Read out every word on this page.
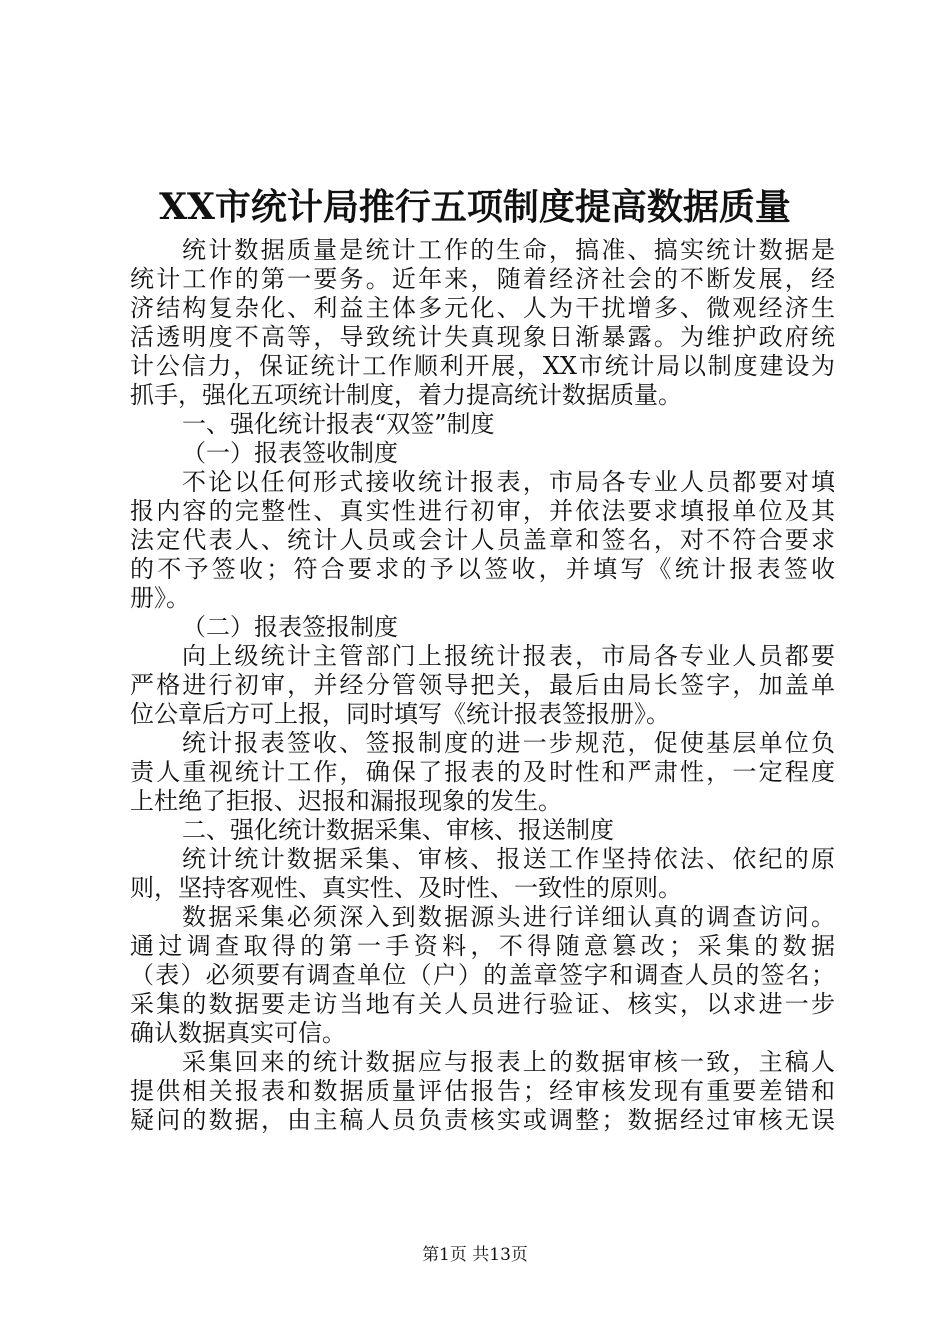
XX市统计局推行五项制度提高数据质量
统计数据质量是统计工作的生命，搞准、搞实统计数据是
统计工作的第一要务。近年来，随着经济社会的不断发展，经
济结构复杂化、利益主体多元化、人为干扰增多、微观经济生
活透明度不高等，导致统计失真现象日渐暴露。为维护政府统
计公信力，保证统计工作顺利开展，XX市统计局以制度建设为
抓手，强化五项统计制度，着力提高统计数据质量。
一、强化统计报表“双签”制度
（一）报表签收制度
不论以任何形式接收统计报表，市局各专业人员都要对填
报内容的完整性、真实性进行初审，并依法要求填报单位及其
法定代表人、统计人员或会计人员盖章和签名，对不符合要求
的不予签收；符合要求的予以签收，并填写《统计报表签收
册》。
（二）报表签报制度
向上级统计主管部门上报统计报表，市局各专业人员都要
严格进行初审，并经分管领导把关，最后由局长签字，加盖单
位公章后方可上报，同时填写《统计报表签报册》。
统计报表签收、签报制度的进一步规范，促使基层单位负
责人重视统计工作，确保了报表的及时性和严肃性，一定程度
上杜绝了拒报、迟报和漏报现象的发生。
二、强化统计数据采集、审核、报送制度
统计统计数据采集、审核、报送工作坚持依法、依纪的原
则，坚持客观性、真实性、及时性、一致性的原则。
数据采集必须深入到数据源头进行详细认真的调查访问。
通过调查取得的第一手资料，不得随意篡改；采集的数据
（表）必须要有调查单位（户）的盖章签字和调查人员的签名；
采集的数据要走访当地有关人员进行验证、核实，以求进一步
确认数据真实可信。
采集回来的统计数据应与报表上的数据审核一致，主稿人
提供相关报表和数据质量评估报告；经审核发现有重要差错和
疑问的数据，由主稿人员负责核实或调整；数据经过审核无误
第1页 共13页
